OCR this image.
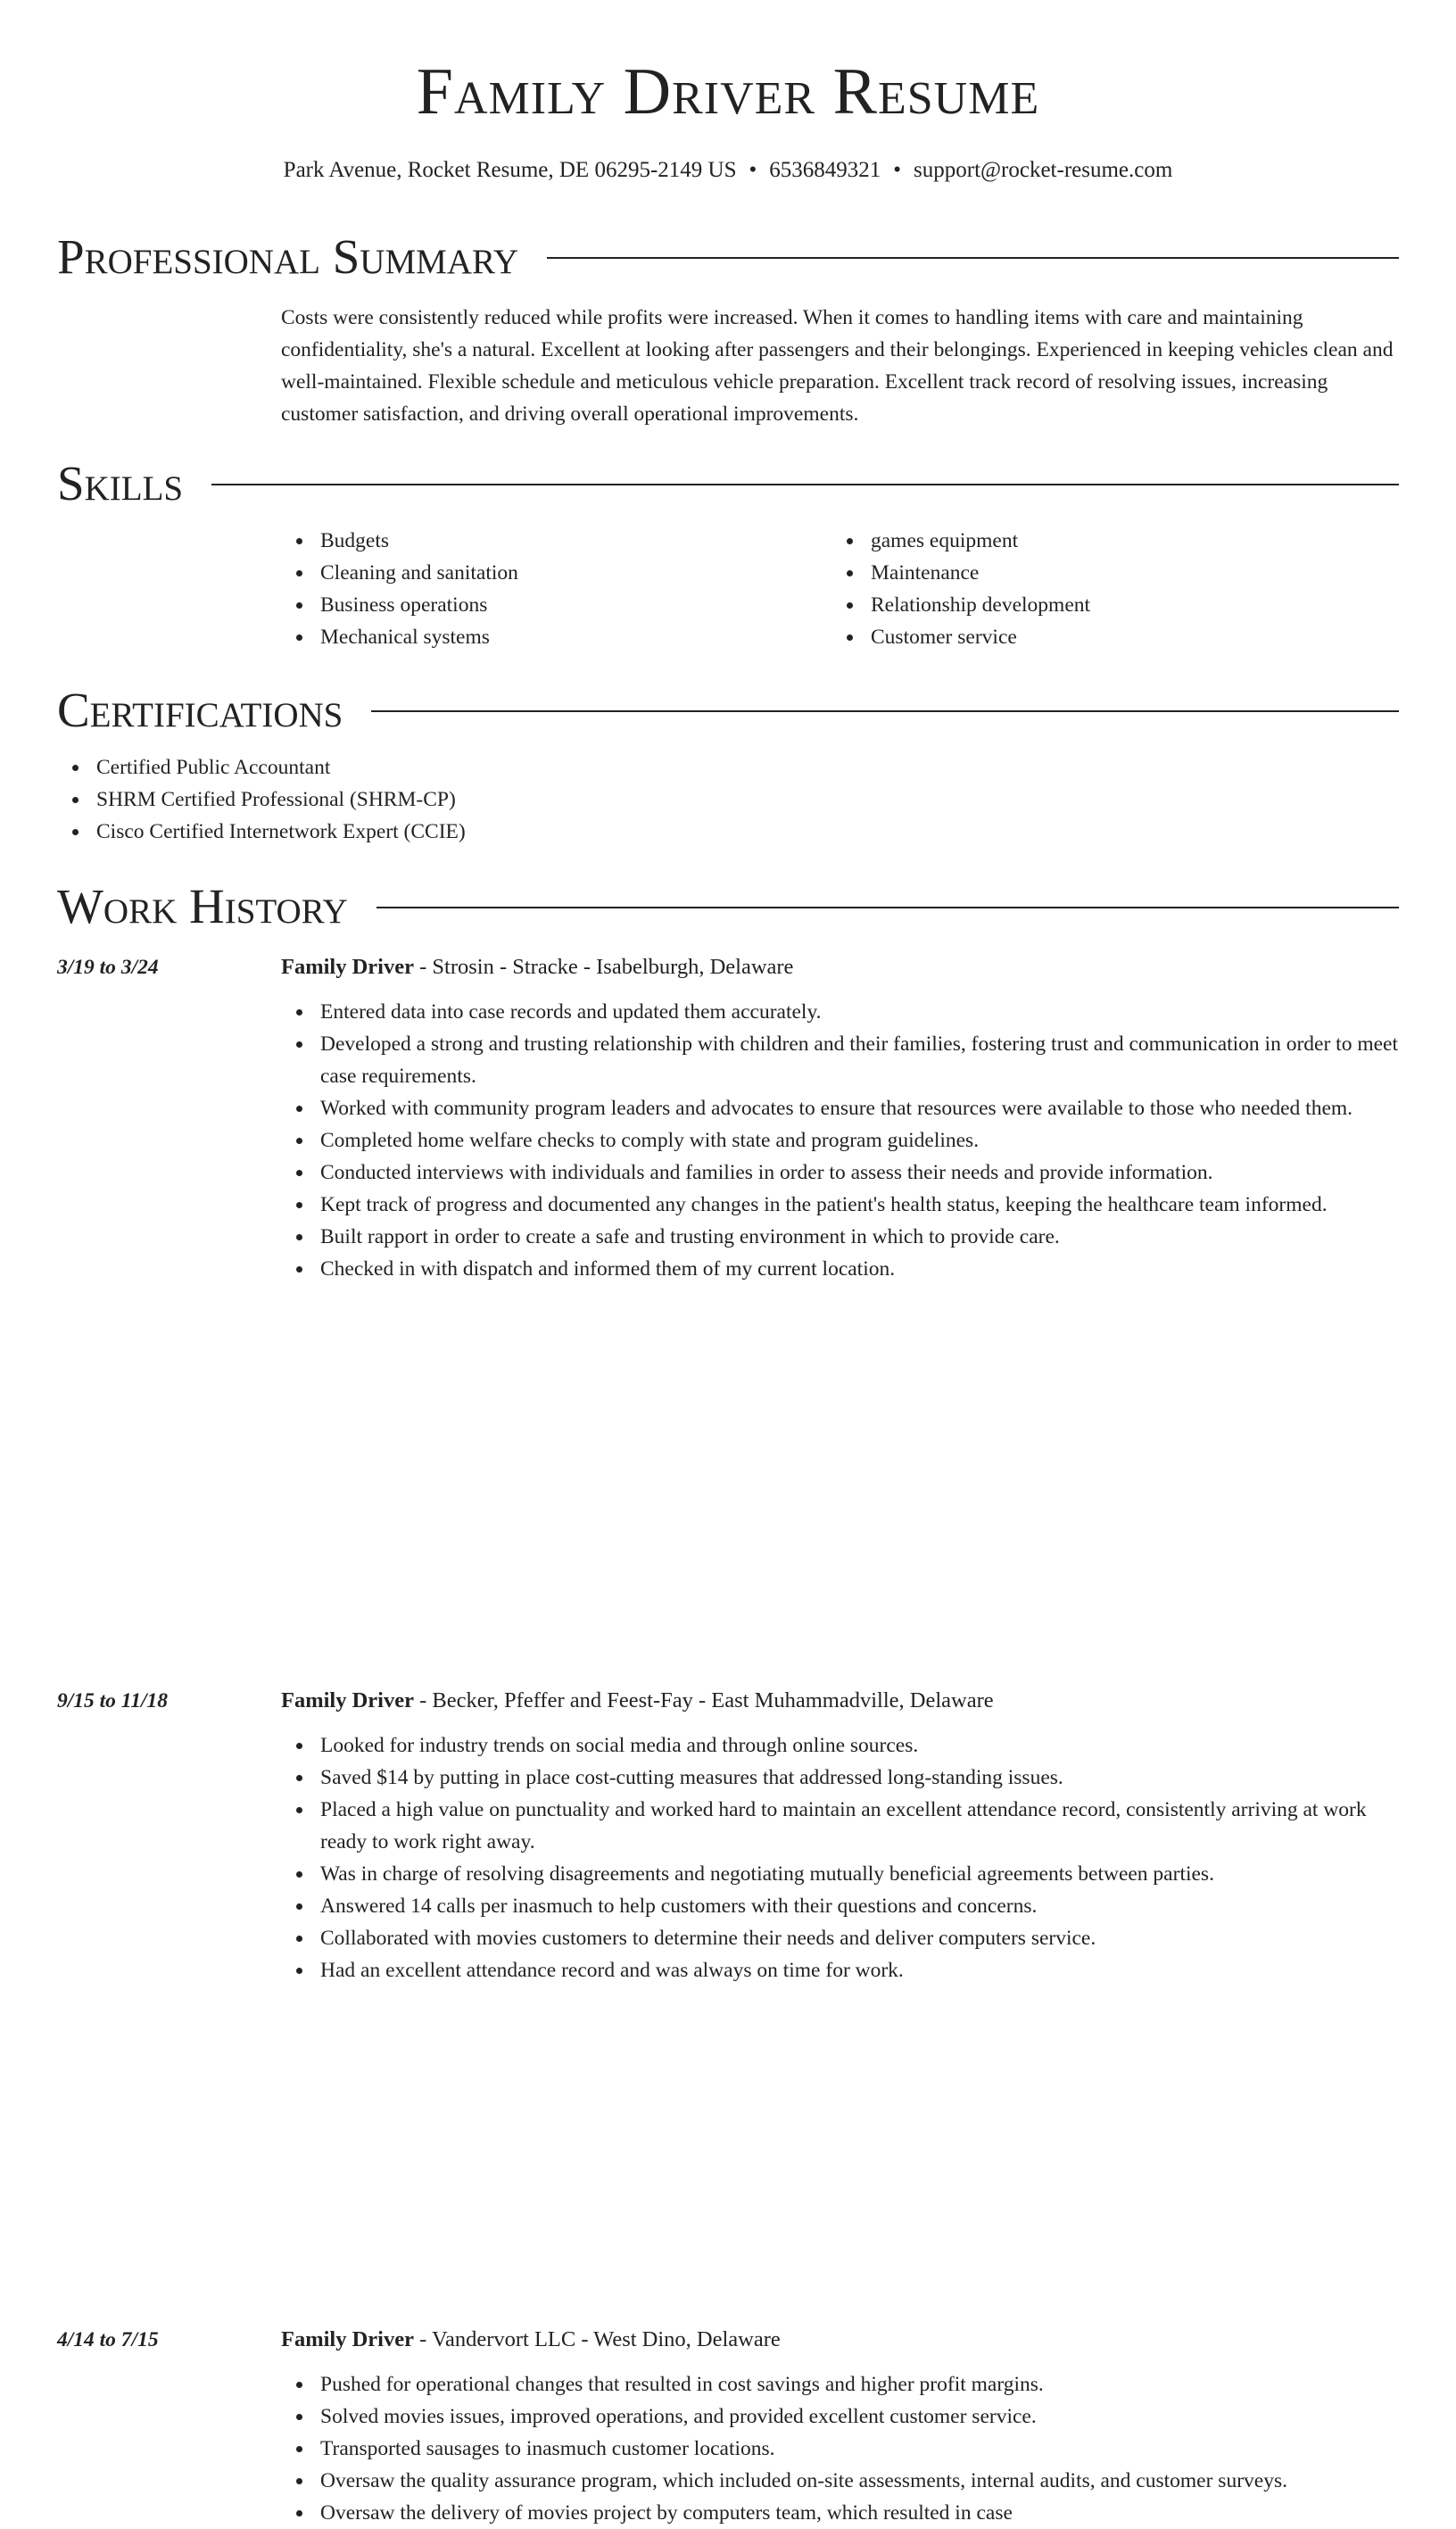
Family Driver Resume
Park Avenue, Rocket Resume, DE 06295-2149 US • 6536849321 • support@rocket-resume.com
Professional Summary
Costs were consistently reduced while profits were increased. When it comes to handling items with care and maintaining confidentiality, she's a natural. Excellent at looking after passengers and their belongings. Experienced in keeping vehicles clean and well-maintained. Flexible schedule and meticulous vehicle preparation. Excellent track record of resolving issues, increasing customer satisfaction, and driving overall operational improvements.
Skills
Budgets
Cleaning and sanitation
Business operations
Mechanical systems
games equipment
Maintenance
Relationship development
Customer service
Certifications
Certified Public Accountant
SHRM Certified Professional (SHRM-CP)
Cisco Certified Internetwork Expert (CCIE)
Work History
3/19 to 3/24	Family Driver - Strosin - Stracke - Isabelburgh, Delaware
Entered data into case records and updated them accurately.
Developed a strong and trusting relationship with children and their families, fostering trust and communication in order to meet case requirements.
Worked with community program leaders and advocates to ensure that resources were available to those who needed them.
Completed home welfare checks to comply with state and program guidelines.
Conducted interviews with individuals and families in order to assess their needs and provide information.
Kept track of progress and documented any changes in the patient's health status, keeping the healthcare team informed.
Built rapport in order to create a safe and trusting environment in which to provide care.
Checked in with dispatch and informed them of my current location.
9/15 to 11/18	Family Driver - Becker, Pfeffer and Feest-Fay - East Muhammadville, Delaware
Looked for industry trends on social media and through online sources.
Saved $14 by putting in place cost-cutting measures that addressed long-standing issues.
Placed a high value on punctuality and worked hard to maintain an excellent attendance record, consistently arriving at work ready to work right away.
Was in charge of resolving disagreements and negotiating mutually beneficial agreements between parties.
Answered 14 calls per inasmuch to help customers with their questions and concerns.
Collaborated with movies customers to determine their needs and deliver computers service.
Had an excellent attendance record and was always on time for work.
4/14 to 7/15	Family Driver - Vandervort LLC - West Dino, Delaware
Pushed for operational changes that resulted in cost savings and higher profit margins.
Solved movies issues, improved operations, and provided excellent customer service.
Transported sausages to inasmuch customer locations.
Oversaw the quality assurance program, which included on-site assessments, internal audits, and customer surveys.
Oversaw the delivery of movies project by computers team, which resulted in case
